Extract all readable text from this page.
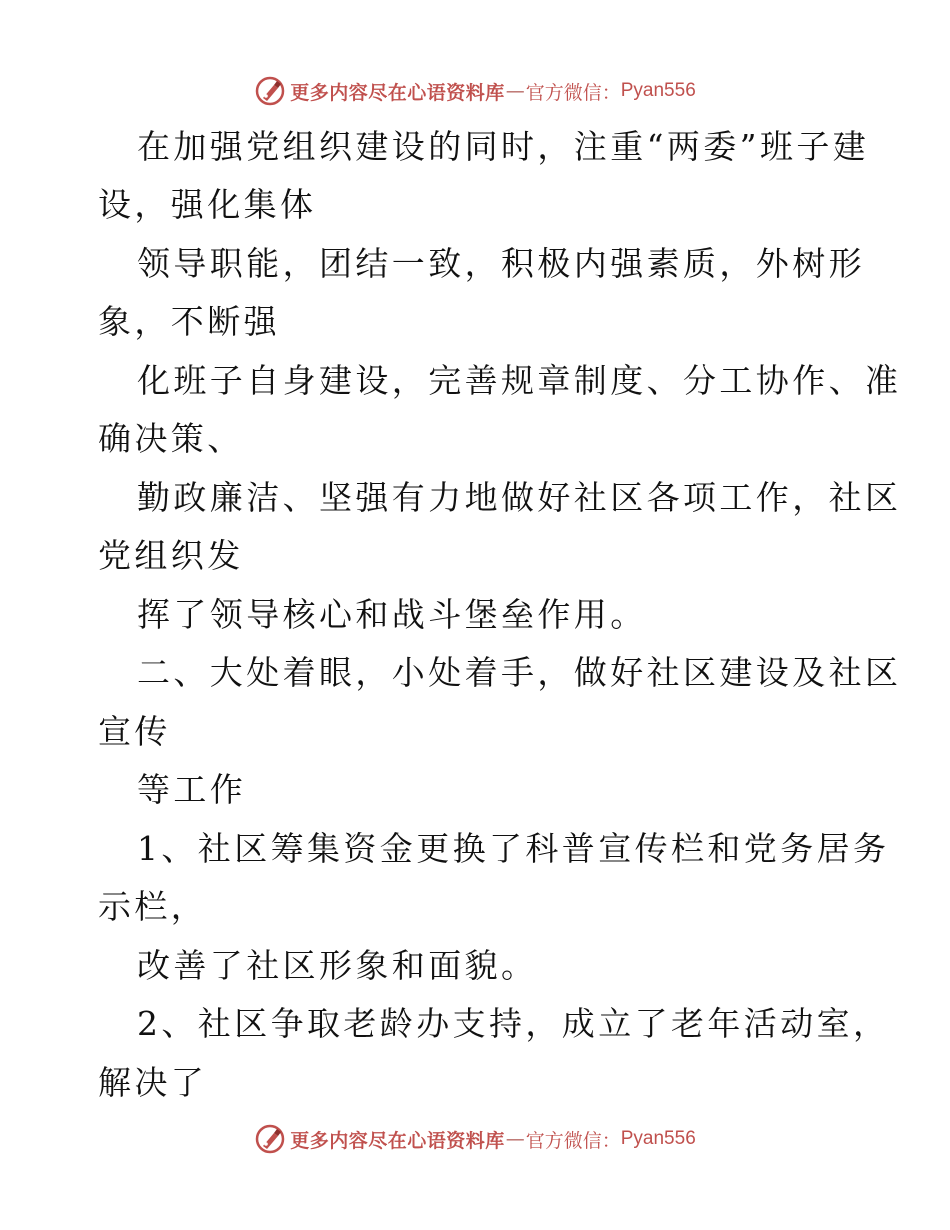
更多内容尽在心语资料库 — 官方微信： Pyan556
在加强党组织建设的同时，注重“两委”班子建
设，强化集体
领导职能，团结一致，积极内强素质，外树形
象，不断强
化班子自身建设，完善规章制度、分工协作、准
确决策、
勤政廉洁、坚强有力地做好社区各项工作，社区
党组织发
挥了领导核心和战斗堡垒作用。
二、大处着眼，小处着手，做好社区建设及社区
宣传
等工作
1、社区筹集资金更换了科普宣传栏和党务居务
示栏，
改善了社区形象和面貌。
2、社区争取老龄办支持，成立了老年活动室，
解决了
更多内容尽在心语资料库 — 官方微信： Pyan556
